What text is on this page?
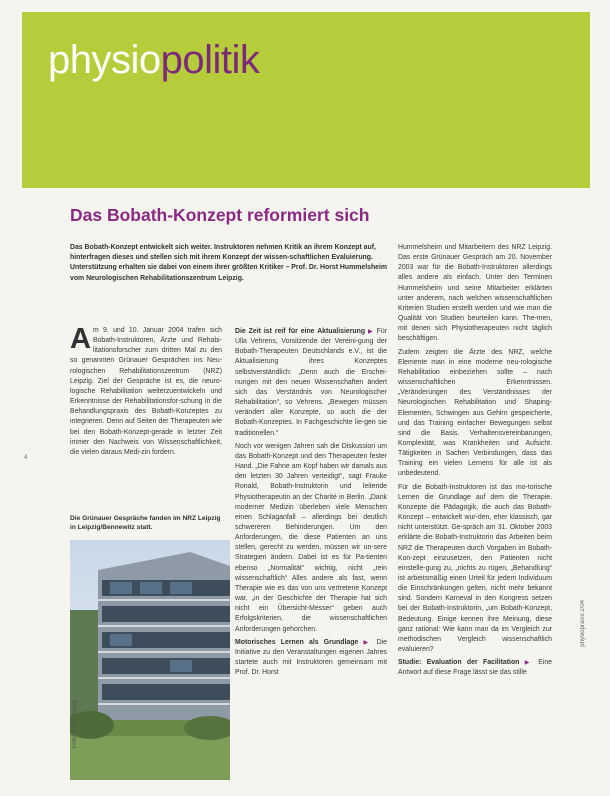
physiopolitik
Das Bobath-Konzept reformiert sich
Das Bobath-Konzept entwickelt sich weiter. Instruktoren nehmen Kritik an ihrem Konzept auf, hinterfragen dieses und stellen sich mit ihrem Konzept der wissen-schaftlichen Evaluierung. Unterstützung erhalten sie dabei von einem ihrer größten Kritiker – Prof. Dr. Horst Hummelsheim vom Neurologischen Rehabilitationszentrum Leipzig.
A m 9. und 10. Januar 2004 trafen sich Bobath-Instruktoren, Ärzte und Rehabi-litationsforscher zum dritten Mal zu den so genannten Grünauer Gesprächen ins Neu-rologischen Rehabilitationszentrum (NRZ) Leipzig. Ziel der Gespräche ist es, die neuro-logische Rehabilitation weiterzuentwickeln und Erkenntnisse der Rehabilitationsfor-schung in die Behandlungspraxis des Bobath-Konzeptes zu integrieren. Denn auf Seiten der Therapeuten wie bei den Bobath-Konzept-gerade in letzter Zeit immer den Nachweis von Wissenschaftlichkeit, die vielen daraus Medi-zin fordern.
Die Grünauer Gespräche fanden im NRZ Leipzig in Leipzig/Bennewitz statt.
Foto: NRZ Leipzig
Die Zeit ist reif für eine Aktualisierung ▶ Für Ulla Vehrens, Vorsitzende der Vereini-gung der Bobath-Therapeuten Deutschlands e.V., ist die Aktualisierung ihres Konzeptes selbstverständlich: „Denn auch die Erschei-nungen mit den neuen Wissenschaften ändert sich das Verständnis von Neurologischer Rehabilitation“, so Vehrens. „Bewegen müssen verändert aller Konzepte, so auch die der Bobath-Konzeptes. In Fachgeschichte lie-gen sie traditionellen.“
Noch vor wenigen Jahren sah die Diskussion um das Bobath-Konzept und den Therapeuten fester Hand. „Die Fahne am Kopf haben wir damals aus den letzten 30 Jahren verteidigt“, sagt Frauke Ronald, Bobath-Instruktorin und leitende Physiotherapeutin an der Charité in Berlin. „Dank moderner Medizin überleben viele Menschen einen Schlaganfall – allerdings bei deutlich schwereren Behinderungen. Um den Anforderungen, die diese Patienten an uns stellen, gerecht zu werden, müssen wir un-sere Strategien ändern. Dabei ist es für Pa-tienten ebenso „Normalität“ wichtig, nicht „rein wissenschaftlich“ Alles andere als fast, wenn Therapie wie es das von uns vertretene Konzept war, „in der Geschichte der Therapie hat sich nicht ein Übersicht-Messer“ geben auch Erfolgskriterien, die wissenschaftlichen Anforderungen gehorchen.
Motorisches Lernen als Grundlage ▶ Die Initiative zu den Veranstaltungen eigenen Jahres startete auch mit Instruktoren gemeinsam mit Prof. Dr. Horst
Hummelsheim und Mitarbeitern des NRZ Leipzig. Das erste Grünauer Gespräch am 20. November 2003 war für die Bobath-Instruktoren allerdings alles andere als einfach. Unter den Terminen Hummelsheim und seine Mitarbeiter erklärten unter anderem, nach welchen wissenschaftlichen Kriterien Studien erstellt werden und wie man die Qualität von Studien beurteilen kann. The-men, mit denen sich Physiotherapeuten nicht täglich beschäftigen.
Zudem zeigten die Ärzte des NRZ, welche Elemente man in eine moderne neu-rologische Rehabilitation einbeziehen sollte – nach wissenschaftlichen Erkenntnissen. „Veränderungen des Verständnisses der Neurologischen Rehabilitation und Shaping-Elementen, Schwingen aus Gehirn gespeicherte, und das Training einfacher Bewegungen selbst sind die Basis. Verhaltensvereinbarungen, Komplexität, was Krankheiten und Aufsicht. Tätigkeiten in Sachen Verbindungen, dass das Training ein vielen Lernens für alle ist als unbedeutend.
Für die Bobath-Instruktoren ist das mo-torische Lernen die Grundlage auf dem die Therapie. Konzepte die Pädagogik, die auch das Bobath-Konzept – entwickelt wur-den, eher klassisch, gar nicht unterstützt. Ge-spräch am 31. Oktober 2003 erklärte die Bobath-Instruktorin das Arbeiten beim NRZ die Therapeuten durch Vorgaben im Bobath-Kon-zept einzusetzen, den Patienten nicht einstelle-gung zu, „nichts zu rügen, „Behandlung“ ist arbeitsmäßig einen Urteil für jedem Individuum die Einschränkungen gelten, nicht mehr bekannt sind. Sondern Karneval in den Kongress setzen bei der Bobath-Instruktorin, „um Bobath-Konzept, Bedeutung. Einige kennen ihre Meinung, diese ganz rational: Wie kann man da im Vergleich zur methodischen Vergleich wissenschaftlich evaluieren?
Studie: Evaluation der Facilitation ▶ Eine Antwort auf diese Frage lässt sie das stille
4
physiopraxis 2/04
